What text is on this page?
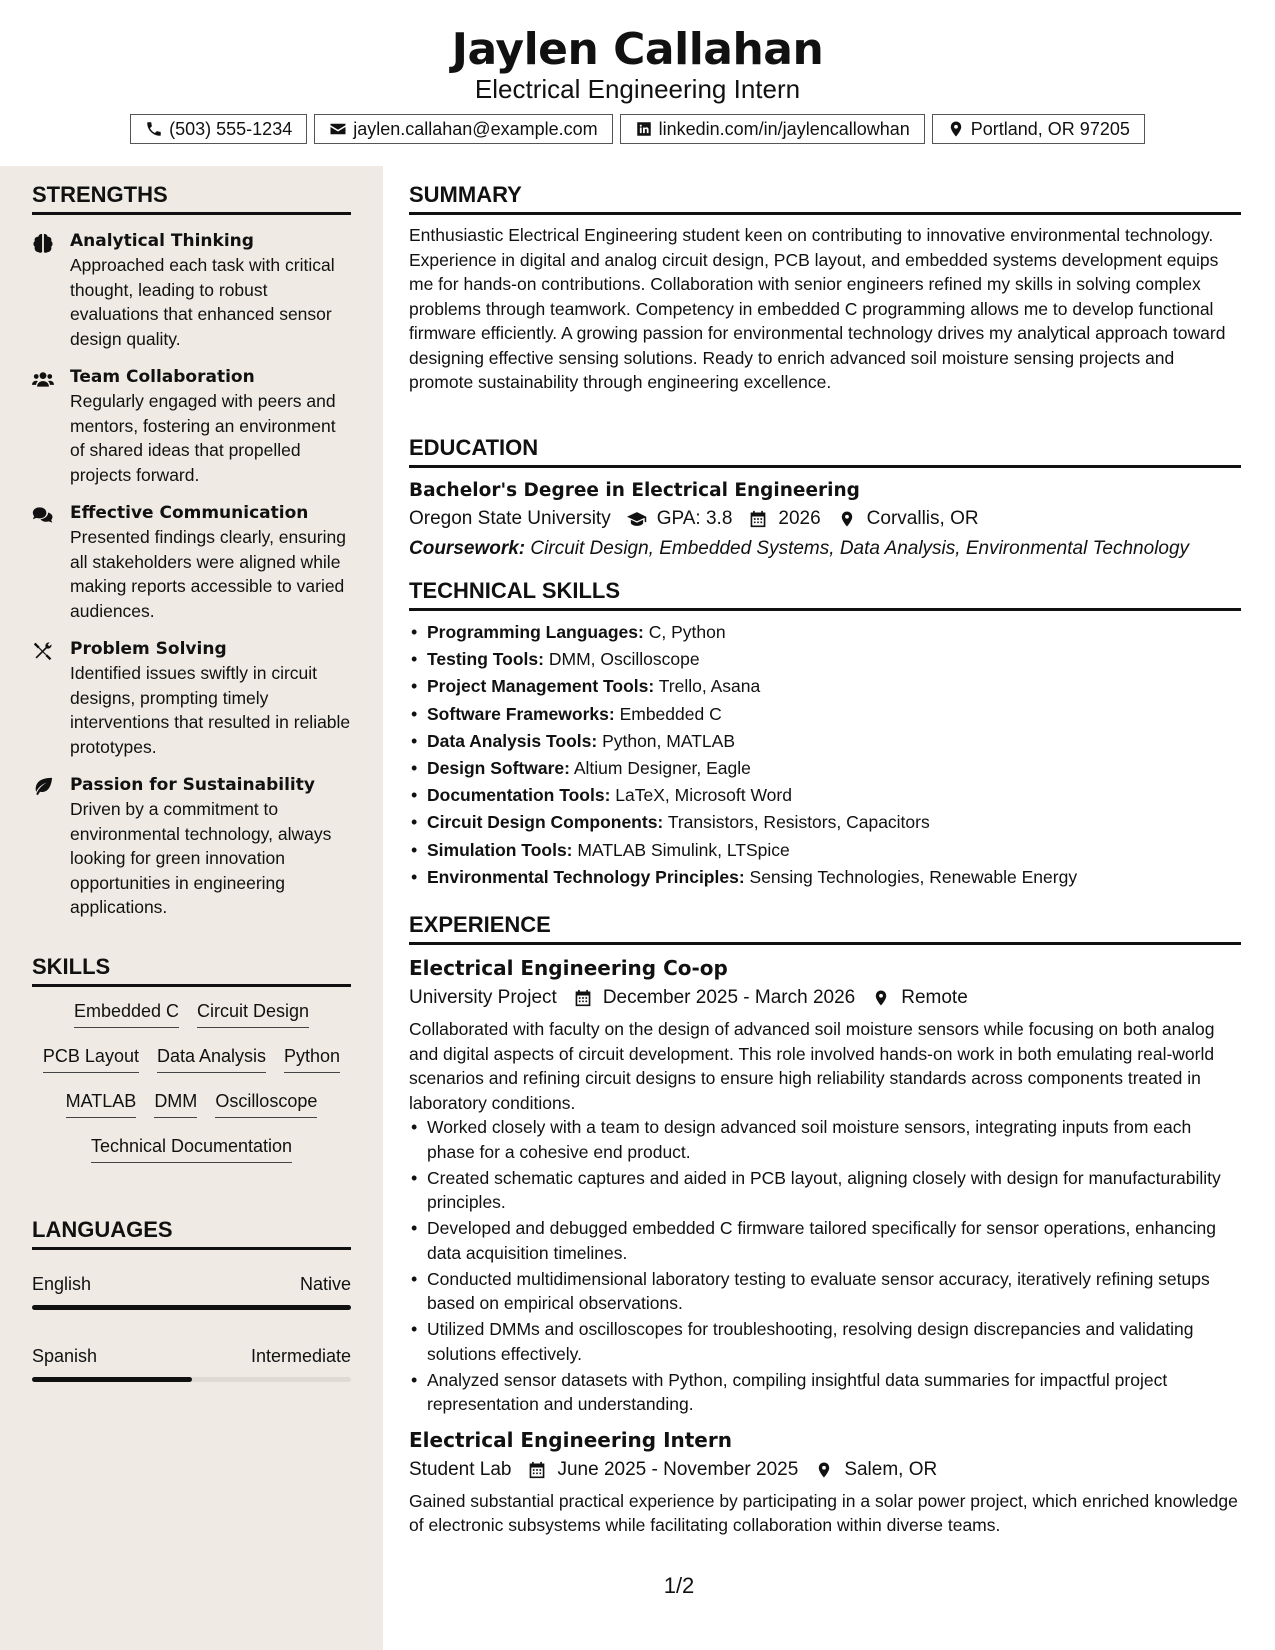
Jaylen Callahan
Electrical Engineering Intern
(503) 555-1234	jaylen.callahan@example.com	linkedin.com/in/jaylencallowhan	Portland, OR 97205
STRENGTHS
Analytical Thinking

Approached each task with critical thought, leading to robust evaluations that enhanced sensor design quality.

Team Collaboration

Regularly engaged with peers and mentors, fostering an environment of shared ideas that propelled projects forward.

Effective Communication

Presented findings clearly, ensuring all stakeholders were aligned while making reports accessible to varied audiences.

Problem Solving

Identified issues swiftly in circuit designs, prompting timely interventions that resulted in reliable prototypes.

Passion for Sustainability

Driven by a commitment to environmental technology, always looking for green innovation opportunities in engineering applications.

SKILLS
Embedded C Circuit Design
PCB Layout Data Analysis Python
MATLAB DMM Oscilloscope
Technical Documentation
LANGUAGES
English	Native
Spanish	Intermediate
SUMMARY

Enthusiastic Electrical Engineering student keen on contributing to innovative environmental technology. Experience in digital and analog circuit design, PCB layout, and embedded systems development equips me for hands-on contributions. Collaboration with senior engineers refined my skills in solving complex problems through teamwork. Competency in embedded C programming allows me to develop functional firmware efficiently. A growing passion for environmental technology drives my analytical approach toward designing effective sensing solutions. Ready to enrich advanced soil moisture sensing projects and promote sustainability through engineering excellence.

EDUCATION
Bachelor's Degree in Electrical Engineering
Oregon State University GPA: 3.8 2026 Corvallis, OR
Coursework: Circuit Design, Embedded Systems, Data Analysis, Environmental Technology
TECHNICAL SKILLS
• Programming Languages: C, Python
• Testing Tools: DMM, Oscilloscope
• Project Management Tools: Trello, Asana
• Software Frameworks: Embedded C
• Data Analysis Tools: Python, MATLAB
• Design Software: Altium Designer, Eagle
• Documentation Tools: LaTeX, Microsoft Word
• Circuit Design Components: Transistors, Resistors, Capacitors
• Simulation Tools: MATLAB Simulink, LTSpice
• Environmental Technology Principles: Sensing Technologies, Renewable Energy
EXPERIENCE
Electrical Engineering Co-op
University Project December 2025 - March 2026 Remote

Collaborated with faculty on the design of advanced soil moisture sensors while focusing on both analog and digital aspects of circuit development. This role involved hands-on work in both emulating real-world scenarios and refining circuit designs to ensure high reliability standards across components treated in laboratory conditions.

• Worked closely with a team to design advanced soil moisture sensors, integrating inputs from each phase for a cohesive end product.
• Created schematic captures and aided in PCB layout, aligning closely with design for manufacturability principles.
• Developed and debugged embedded C firmware tailored specifically for sensor operations, enhancing data acquisition timelines.
• Conducted multidimensional laboratory testing to evaluate sensor accuracy, iteratively refining setups based on empirical observations.
• Utilized DMMs and oscilloscopes for troubleshooting, resolving design discrepancies and validating solutions effectively.
• Analyzed sensor datasets with Python, compiling insightful data summaries for impactful project representation and understanding.
Electrical Engineering Intern
Student Lab June 2025 - November 2025 Salem, OR

Gained substantial practical experience by participating in a solar power project, which enriched knowledge of electronic subsystems while facilitating collaboration within diverse teams.

1/2
